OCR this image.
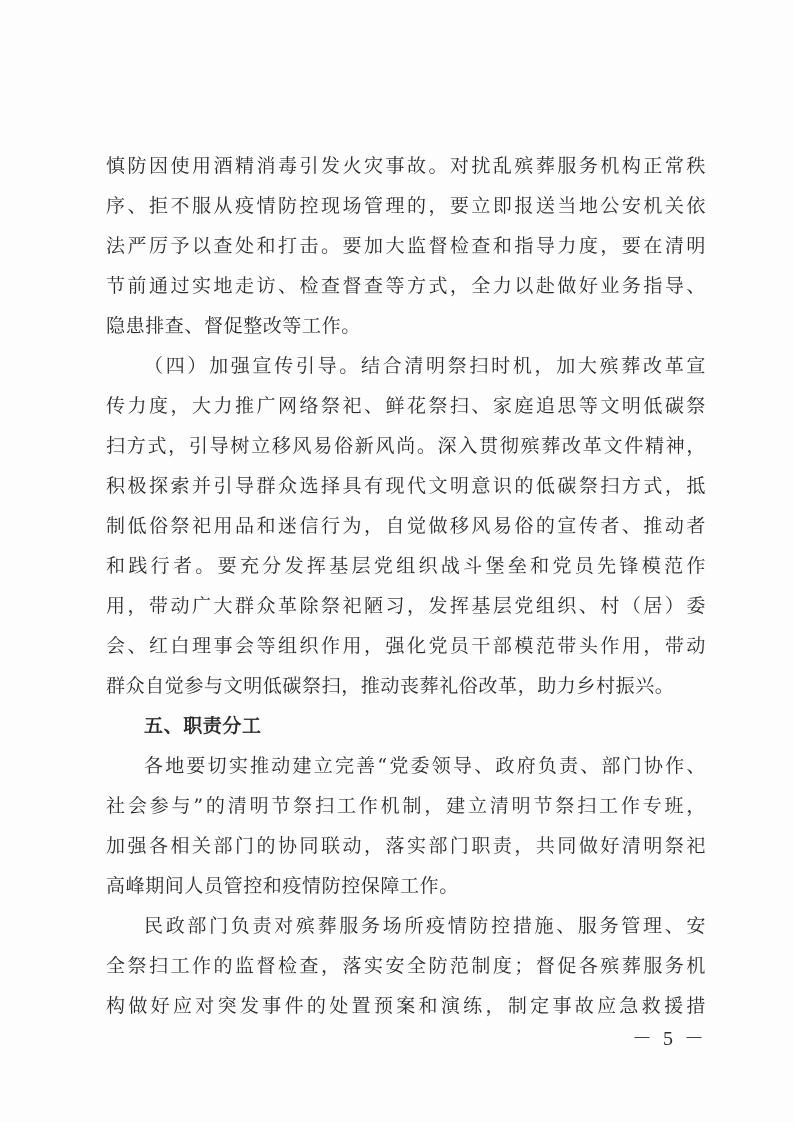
慎防因使用酒精消毒引发火灾事故。对扰乱殡葬服务机构正常秩
序、拒不服从疫情防控现场管理的，要立即报送当地公安机关依
法严厉予以查处和打击。要加大监督检查和指导力度，要在清明
节前通过实地走访、检查督查等方式，全力以赴做好业务指导、
隐患排查、督促整改等工作。
（四）加强宣传引导。结合清明祭扫时机，加大殡葬改革宣
传力度，大力推广网络祭祀、鲜花祭扫、家庭追思等文明低碳祭
扫方式，引导树立移风易俗新风尚。深入贯彻殡葬改革文件精神，
积极探索并引导群众选择具有现代文明意识的低碳祭扫方式，抵
制低俗祭祀用品和迷信行为，自觉做移风易俗的宣传者、推动者
和践行者。要充分发挥基层党组织战斗堡垒和党员先锋模范作
用，带动广大群众革除祭祀陋习，发挥基层党组织、村（居）委
会、红白理事会等组织作用，强化党员干部模范带头作用，带动
群众自觉参与文明低碳祭扫，推动丧葬礼俗改革，助力乡村振兴。
五、职责分工
各地要切实推动建立完善“党委领导、政府负责、部门协作、
社会参与”的清明节祭扫工作机制，建立清明节祭扫工作专班，
加强各相关部门的协同联动，落实部门职责，共同做好清明祭祀
高峰期间人员管控和疫情防控保障工作。
民政部门负责对殡葬服务场所疫情防控措施、服务管理、安
全祭扫工作的监督检查，落实安全防范制度；督促各殡葬服务机
构做好应对突发事件的处置预案和演练，制定事故应急救援措
－ 5 －
